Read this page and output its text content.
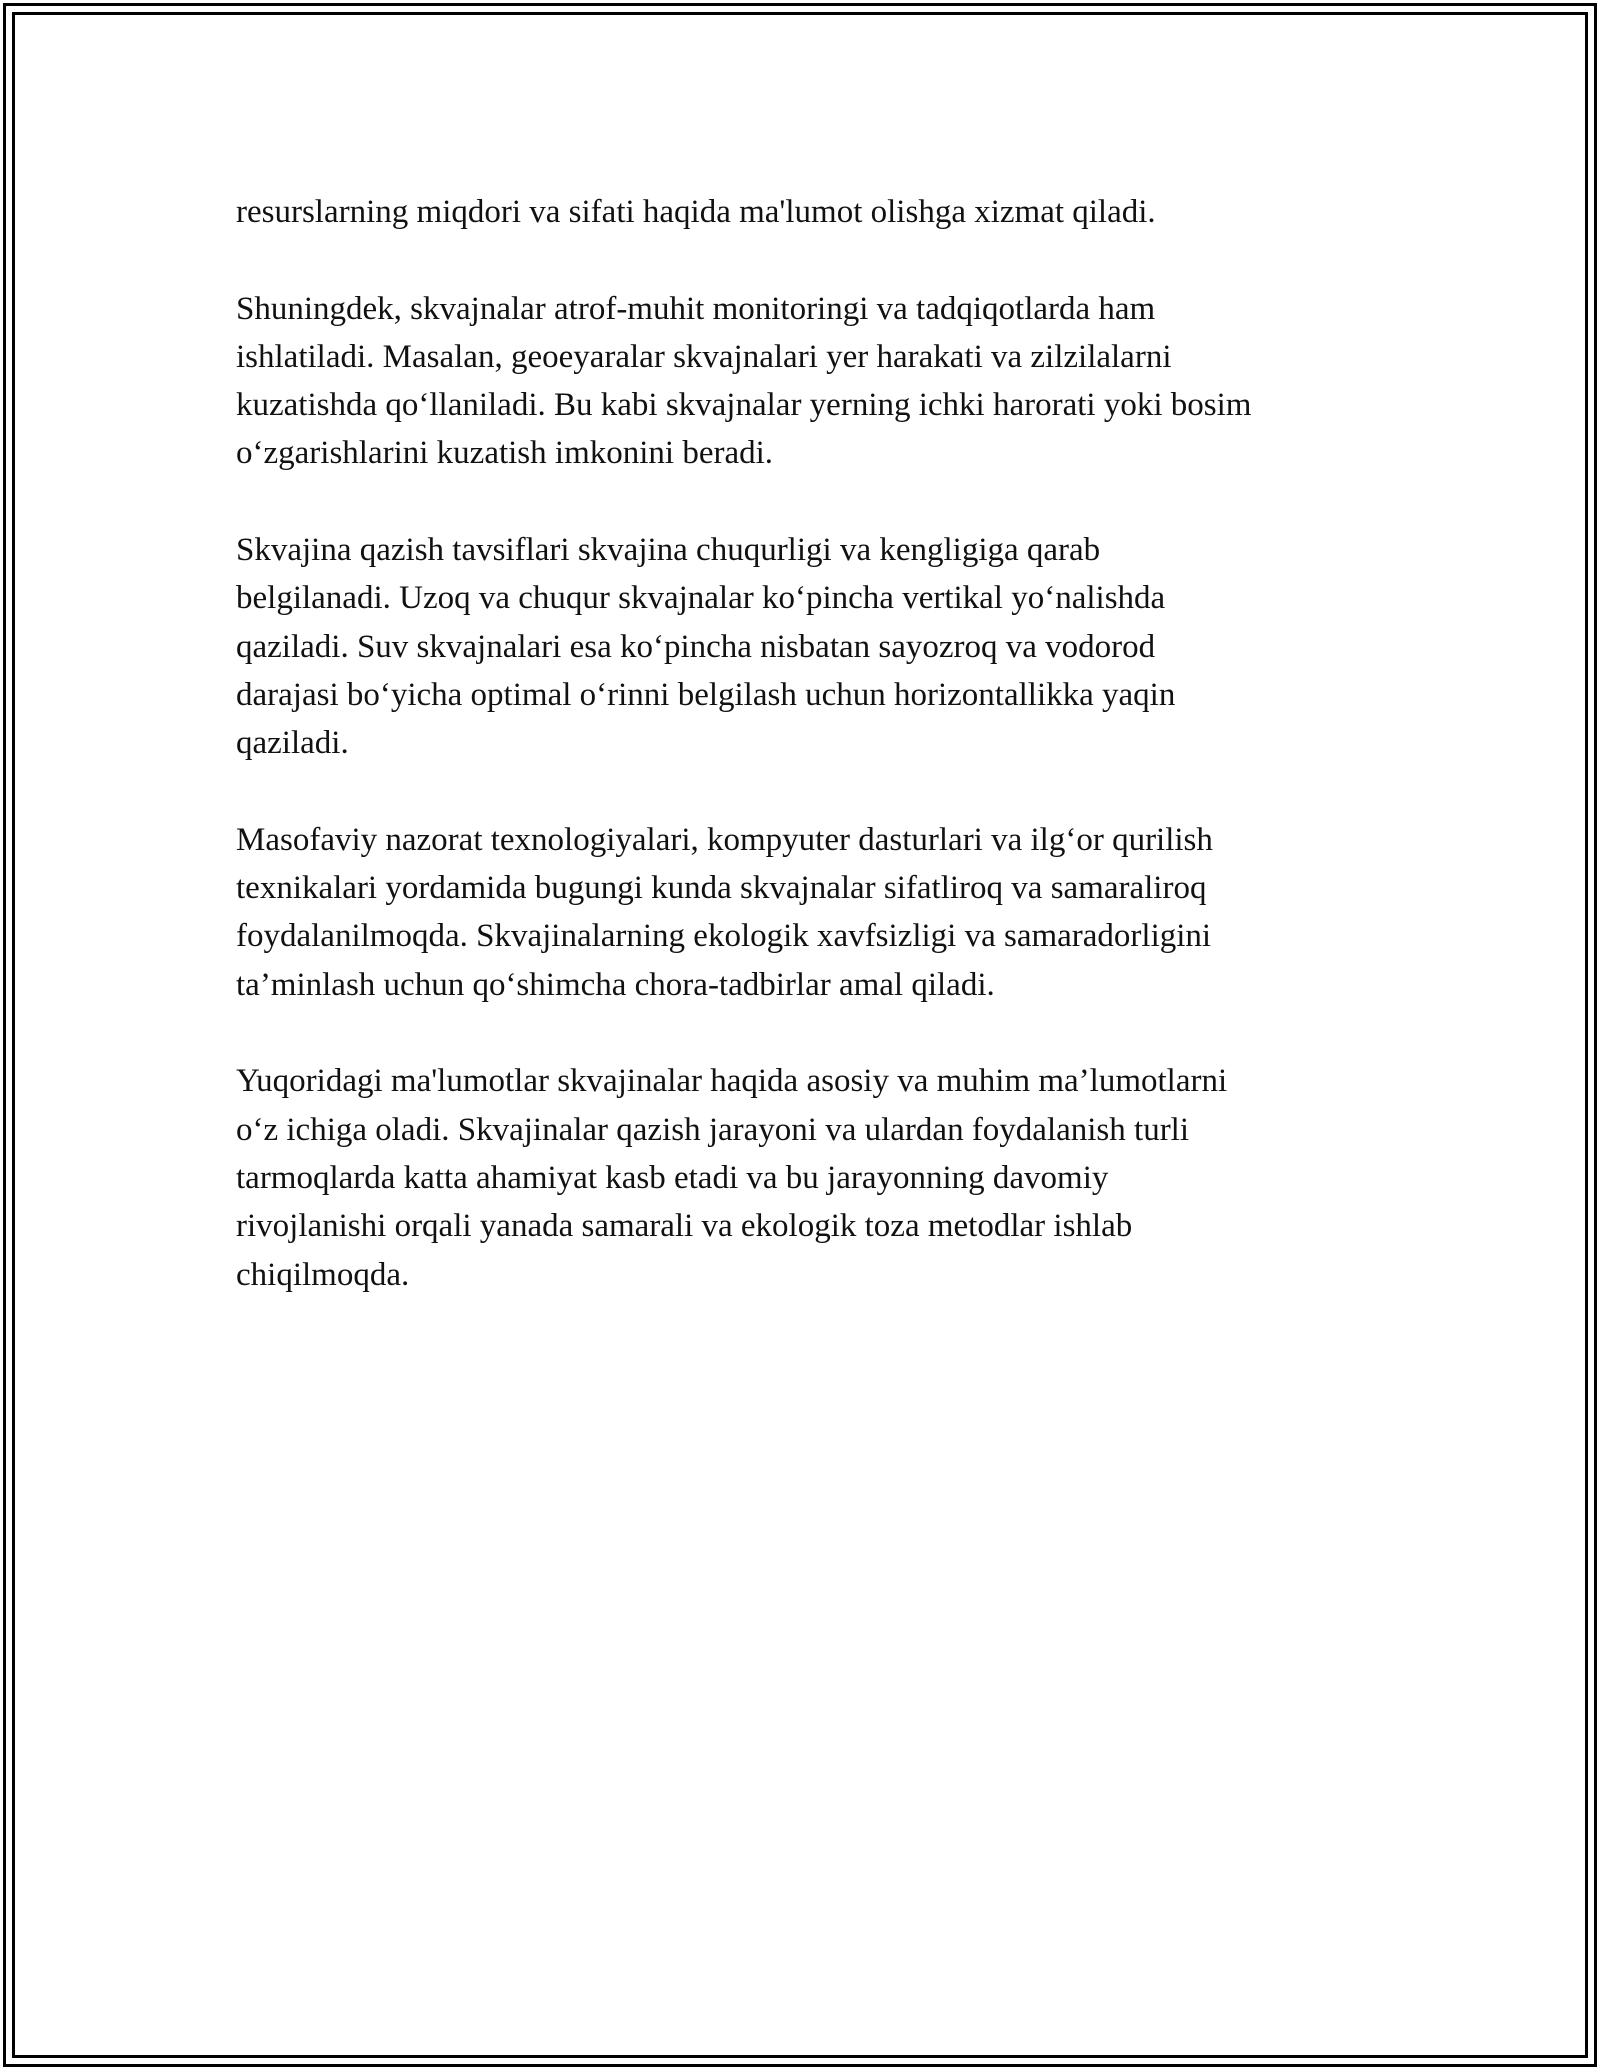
resurslarning miqdori va sifati haqida ma'lumot olishga xizmat qiladi.

Shuningdek, skvajnalar atrof-muhit monitoringi va tadqiqotlarda ham
ishlatiladi. Masalan, geoeyaralar skvajnalari yer harakati va zilzilalarni
kuzatishda qo‘llaniladi. Bu kabi skvajnalar yerning ichki harorati yoki bosim
o‘zgarishlarini kuzatish imkonini beradi.

Skvajina qazish tavsiflari skvajina chuqurligi va kengligiga qarab
belgilanadi. Uzoq va chuqur skvajnalar ko‘pincha vertikal yo‘nalishda
qaziladi. Suv skvajnalari esa ko‘pincha nisbatan sayozroq va vodorod
darajasi bo‘yicha optimal o‘rinni belgilash uchun horizontallikka yaqin
qaziladi.

Masofaviy nazorat texnologiyalari, kompyuter dasturlari va ilg‘or qurilish
texnikalari yordamida bugungi kunda skvajnalar sifatliroq va samaraliroq
foydalanilmoqda. Skvajinalarning ekologik xavfsizligi va samaradorligini
ta’minlash uchun qo‘shimcha chora-tadbirlar amal qiladi.

Yuqoridagi ma'lumotlar skvajinalar haqida asosiy va muhim ma’lumotlarni
o‘z ichiga oladi. Skvajinalar qazish jarayoni va ulardan foydalanish turli
tarmoqlarda katta ahamiyat kasb etadi va bu jarayonning davomiy
rivojlanishi orqali yanada samarali va ekologik toza metodlar ishlab
chiqilmoqda.
